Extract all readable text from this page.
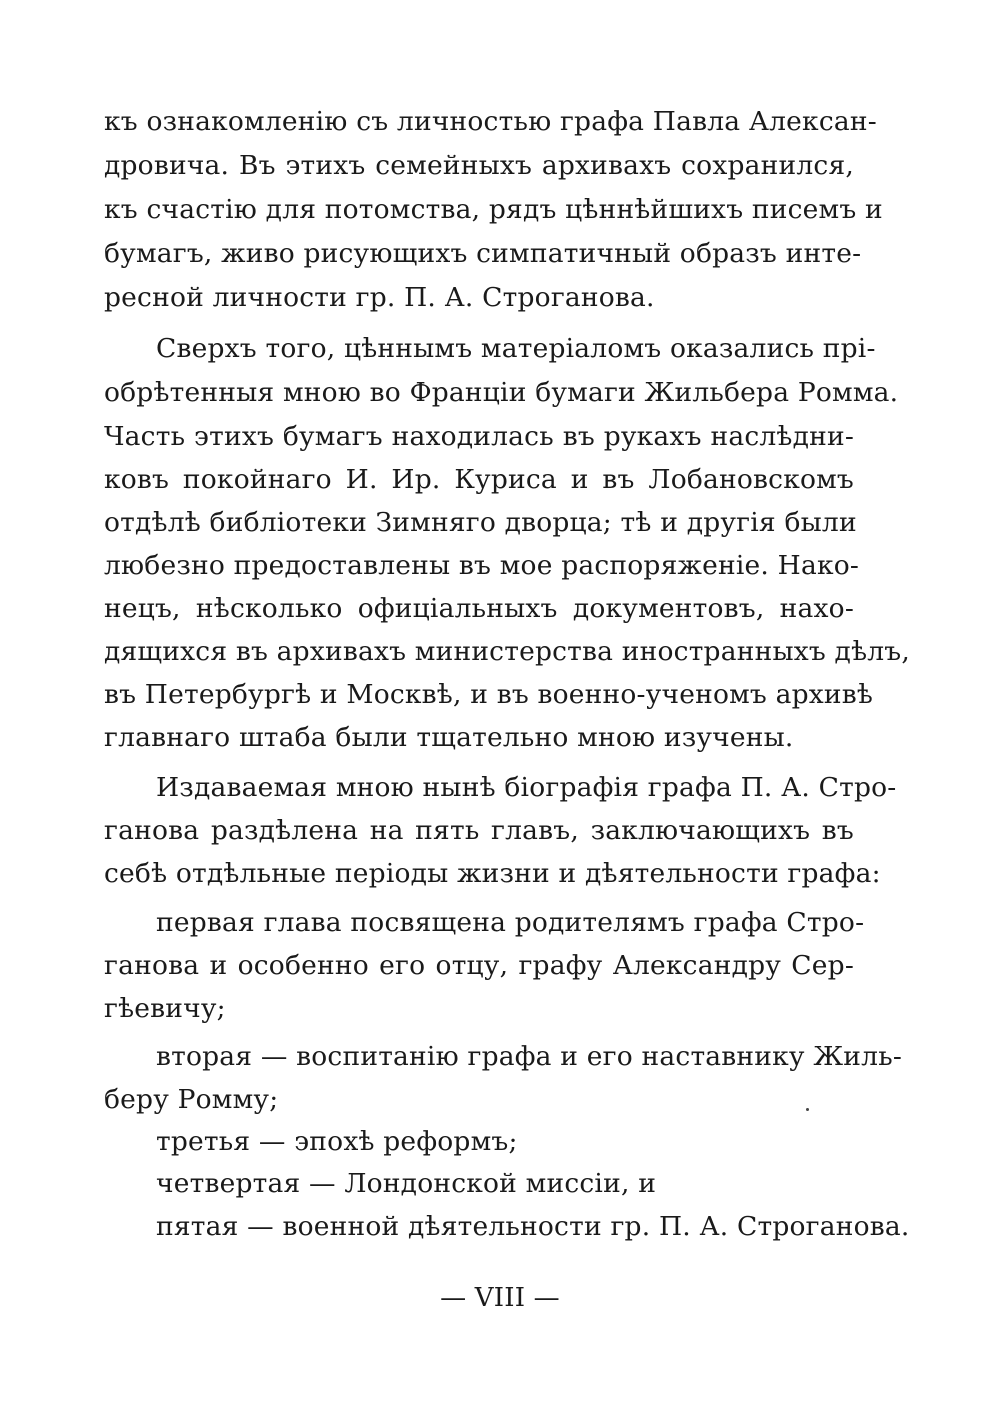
къ ознакомленію съ личностью графа Павла Алексан-
дровича. Въ этихъ семейныхъ архивахъ сохранился,
къ счастію для потомства, рядъ цѣннѣйшихъ писемъ и
бумагъ, живо рисующихъ симпатичный образъ инте-
ресной личности гр. П. А. Строганова.
Сверхъ того, цѣннымъ матеріаломъ оказались прі-
обрѣтенныя мною во Франціи бумаги Жильбера Ромма.
Часть этихъ бумагъ находилась въ рукахъ наслѣдни-
ковъ покойнаго И. Ир. Куриса и въ Лобановскомъ
отдѣлѣ библіотеки Зимняго дворца; тѣ и другія были
любезно предоставлены въ мое распоряженіе. Нако-
нецъ, нѣсколько офиціальныхъ документовъ, нахо-
дящихся въ архивахъ министерства иностранныхъ дѣлъ,
въ Петербургѣ и Москвѣ, и въ военно-ученомъ архивѣ
главнаго штаба были тщательно мною изучены.
Издаваемая мною нынѣ біографія графа П. А. Стро-
ганова раздѣлена на пять главъ, заключающихъ въ
себѣ отдѣльные періоды жизни и дѣятельности графа:
первая глава посвящена родителямъ графа Стро-
ганова и особенно его отцу, графу Александру Сер-
гѣевичу;
вторая — воспитанію графа и его наставнику Жиль-
беру Ромму;
третья — эпохѣ реформъ;
четвертая — Лондонской миссіи, и
пятая — военной дѣятельности гр. П. А. Строганова.
— VIII —
